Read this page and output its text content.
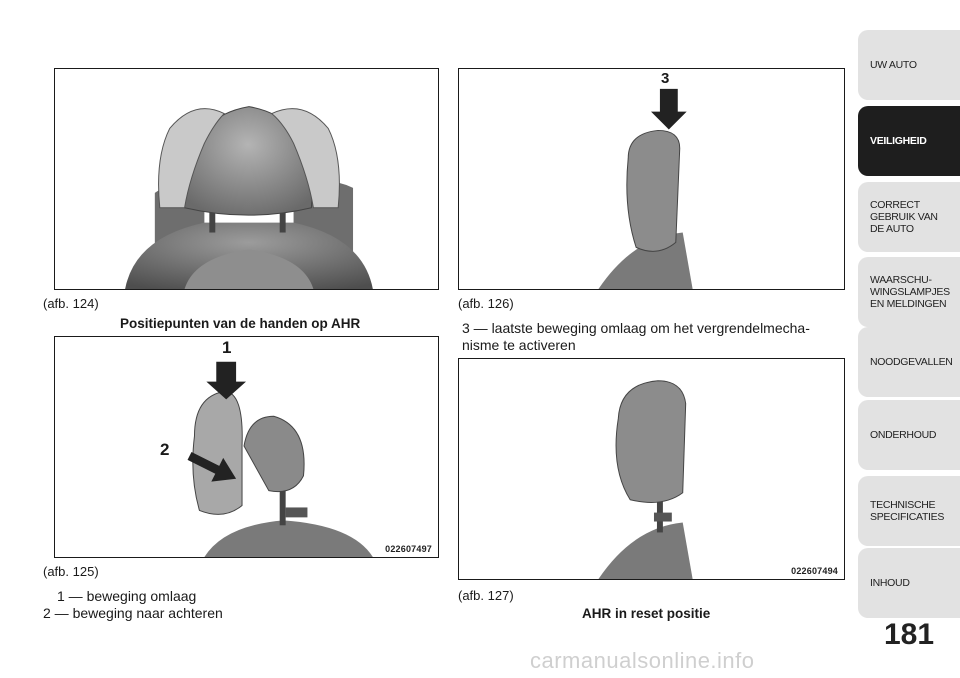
022607492
(afb. 124)
Positiepunten van de handen op AHR
022607497
1
2
(afb. 125)
1 — beweging omlaag
2 — beweging naar achteren
022607757
3
(afb. 126)
3 — laatste beweging omlaag om het vergrendelmecha-
nisme te activeren
022607494
(afb. 127)
AHR in reset positie
UW AUTO
VEILIGHEID
CORRECT
GEBRUIK VAN
DE AUTO
WAARSCHU-
WINGSLAMPJES
EN MELDINGEN
NOODGEVALLEN
ONDERHOUD
TECHNISCHE
SPECIFICATIES
INHOUD
181
carmanualsonline.info
